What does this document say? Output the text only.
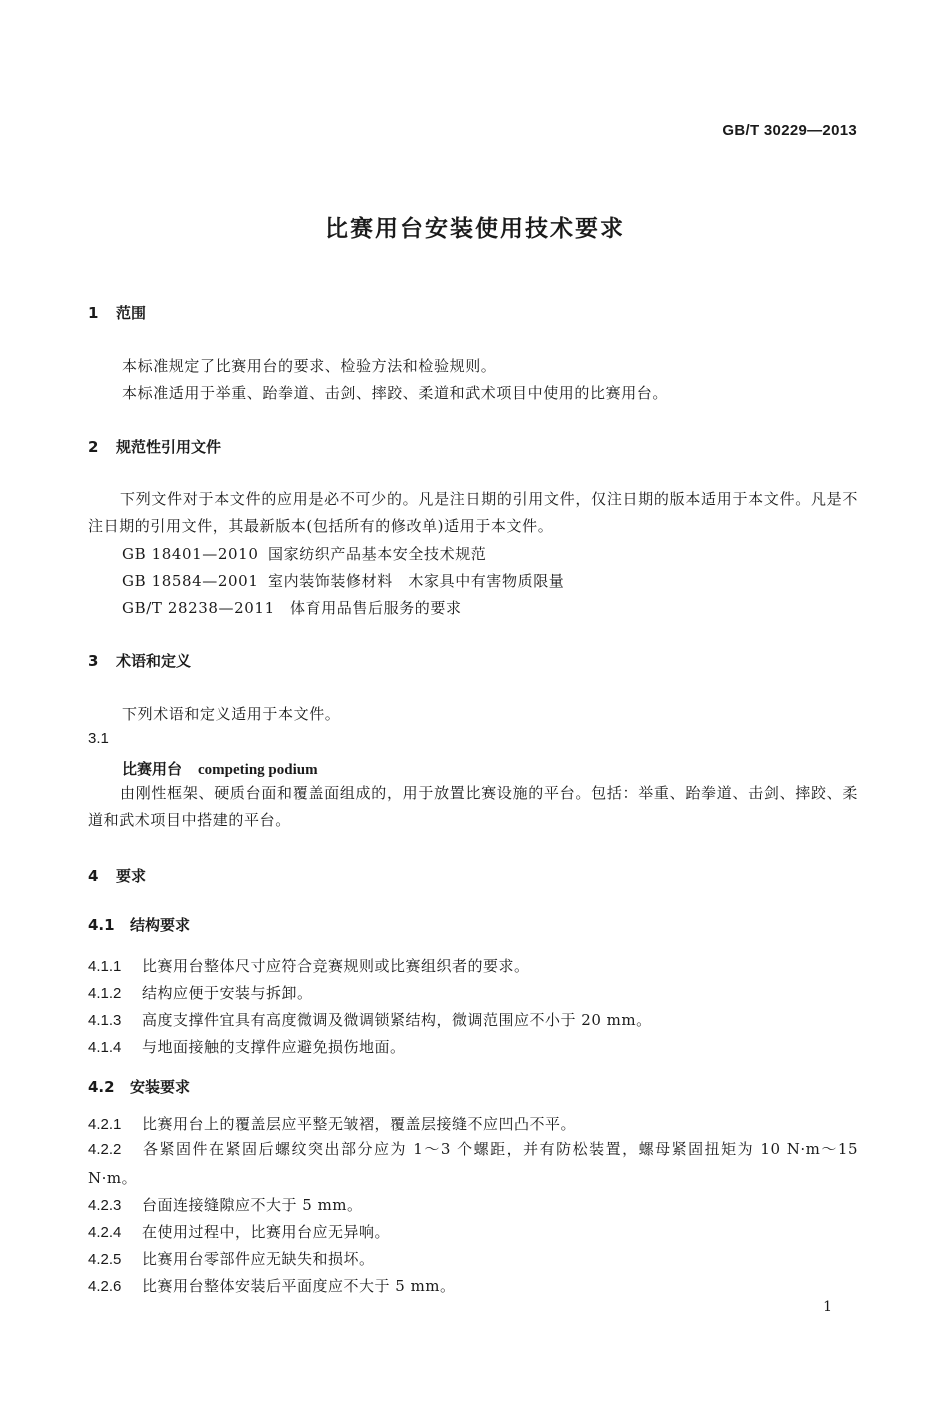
GB/T 30229—2013
比赛用台安装使用技术要求
1 范围
本标准规定了比赛用台的要求、检验方法和检验规则。
本标准适用于举重、跆拳道、击剑、摔跤、柔道和武术项目中使用的比赛用台。
2 规范性引用文件
下列文件对于本文件的应用是必不可少的。凡是注日期的引用文件，仅注日期的版本适用于本文件。凡是不注日期的引用文件，其最新版本(包括所有的修改单)适用于本文件。
GB 18401—2010 国家纺织产品基本安全技术规范
GB 18584—2001 室内装饰装修材料　木家具中有害物质限量
GB/T 28238—2011 体育用品售后服务的要求
3 术语和定义
下列术语和定义适用于本文件。
3.1
比赛用台 competing podium
由刚性框架、硬质台面和覆盖面组成的，用于放置比赛设施的平台。包括：举重、跆拳道、击剑、摔跤、柔道和武术项目中搭建的平台。
4 要求
4.1 结构要求
4.1.1 比赛用台整体尺寸应符合竞赛规则或比赛组织者的要求。
4.1.2 结构应便于安装与拆卸。
4.1.3 高度支撑件宜具有高度微调及微调锁紧结构，微调范围应不小于 20 mm。
4.1.4 与地面接触的支撑件应避免损伤地面。
4.2 安装要求
4.2.1 比赛用台上的覆盖层应平整无皱褶，覆盖层接缝不应凹凸不平。
4.2.2 各紧固件在紧固后螺纹突出部分应为 1～3 个螺距，并有防松装置，螺母紧固扭矩为 10 N·m～15 N·m。
4.2.3 台面连接缝隙应不大于 5 mm。
4.2.4 在使用过程中，比赛用台应无异响。
4.2.5 比赛用台零部件应无缺失和损坏。
4.2.6 比赛用台整体安装后平面度应不大于 5 mm。
1
